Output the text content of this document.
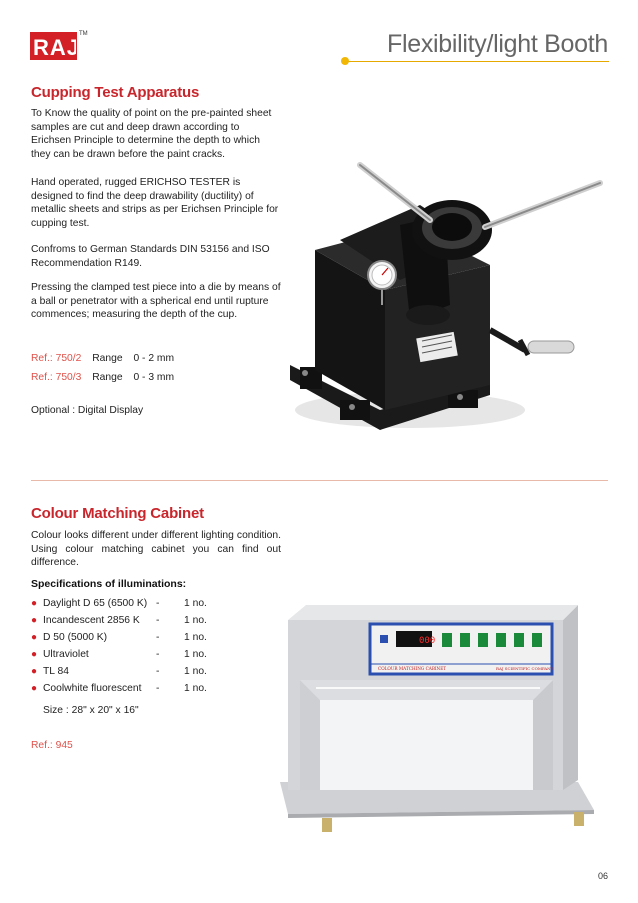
RAJ
TM	Flexibility/light Booth
Cupping Test Apparatus
To Know the quality of point on the pre-painted sheet samples are cut and deep drawn according to Erichsen Principle to determine the depth to which they can be drawn before the paint cracks.
Hand operated, rugged ERICHSO TESTER is designed to find the deep drawability (ductility) of metallic sheets and strips as per Erichsen Principle for cupping test.
Confroms to German Standards DIN 53156 and ISO Recommendation R149.
Pressing the clamped test piece into a die by means of a ball or penetrator with a spherical end until rupture commences; measuring the depth of the cup.
Ref.: 750/2 Range 0 - 2 mm
Ref.: 750/3 Range 0 - 3 mm
Optional : Digital Display
Colour Matching Cabinet
Colour looks different under different lighting condition. Using colour matching cabinet you can find out difference.
Specifications of illuminations:
● Daylight D 65 (6500 K) - 1 no.
● Incandescent 2856 K - 1 no.
● D 50 (5000 K)	- 1 no.
● Ultraviolet	- 1 no.
● TL 84	- 1 no.
● Coolwhite fluorescent - 1 no.
Size : 28" x 20" x 16"
Ref.: 945
000
COLOUR MATCHING CABINET	RAJ SCIENTIFIC COMPANY
06
